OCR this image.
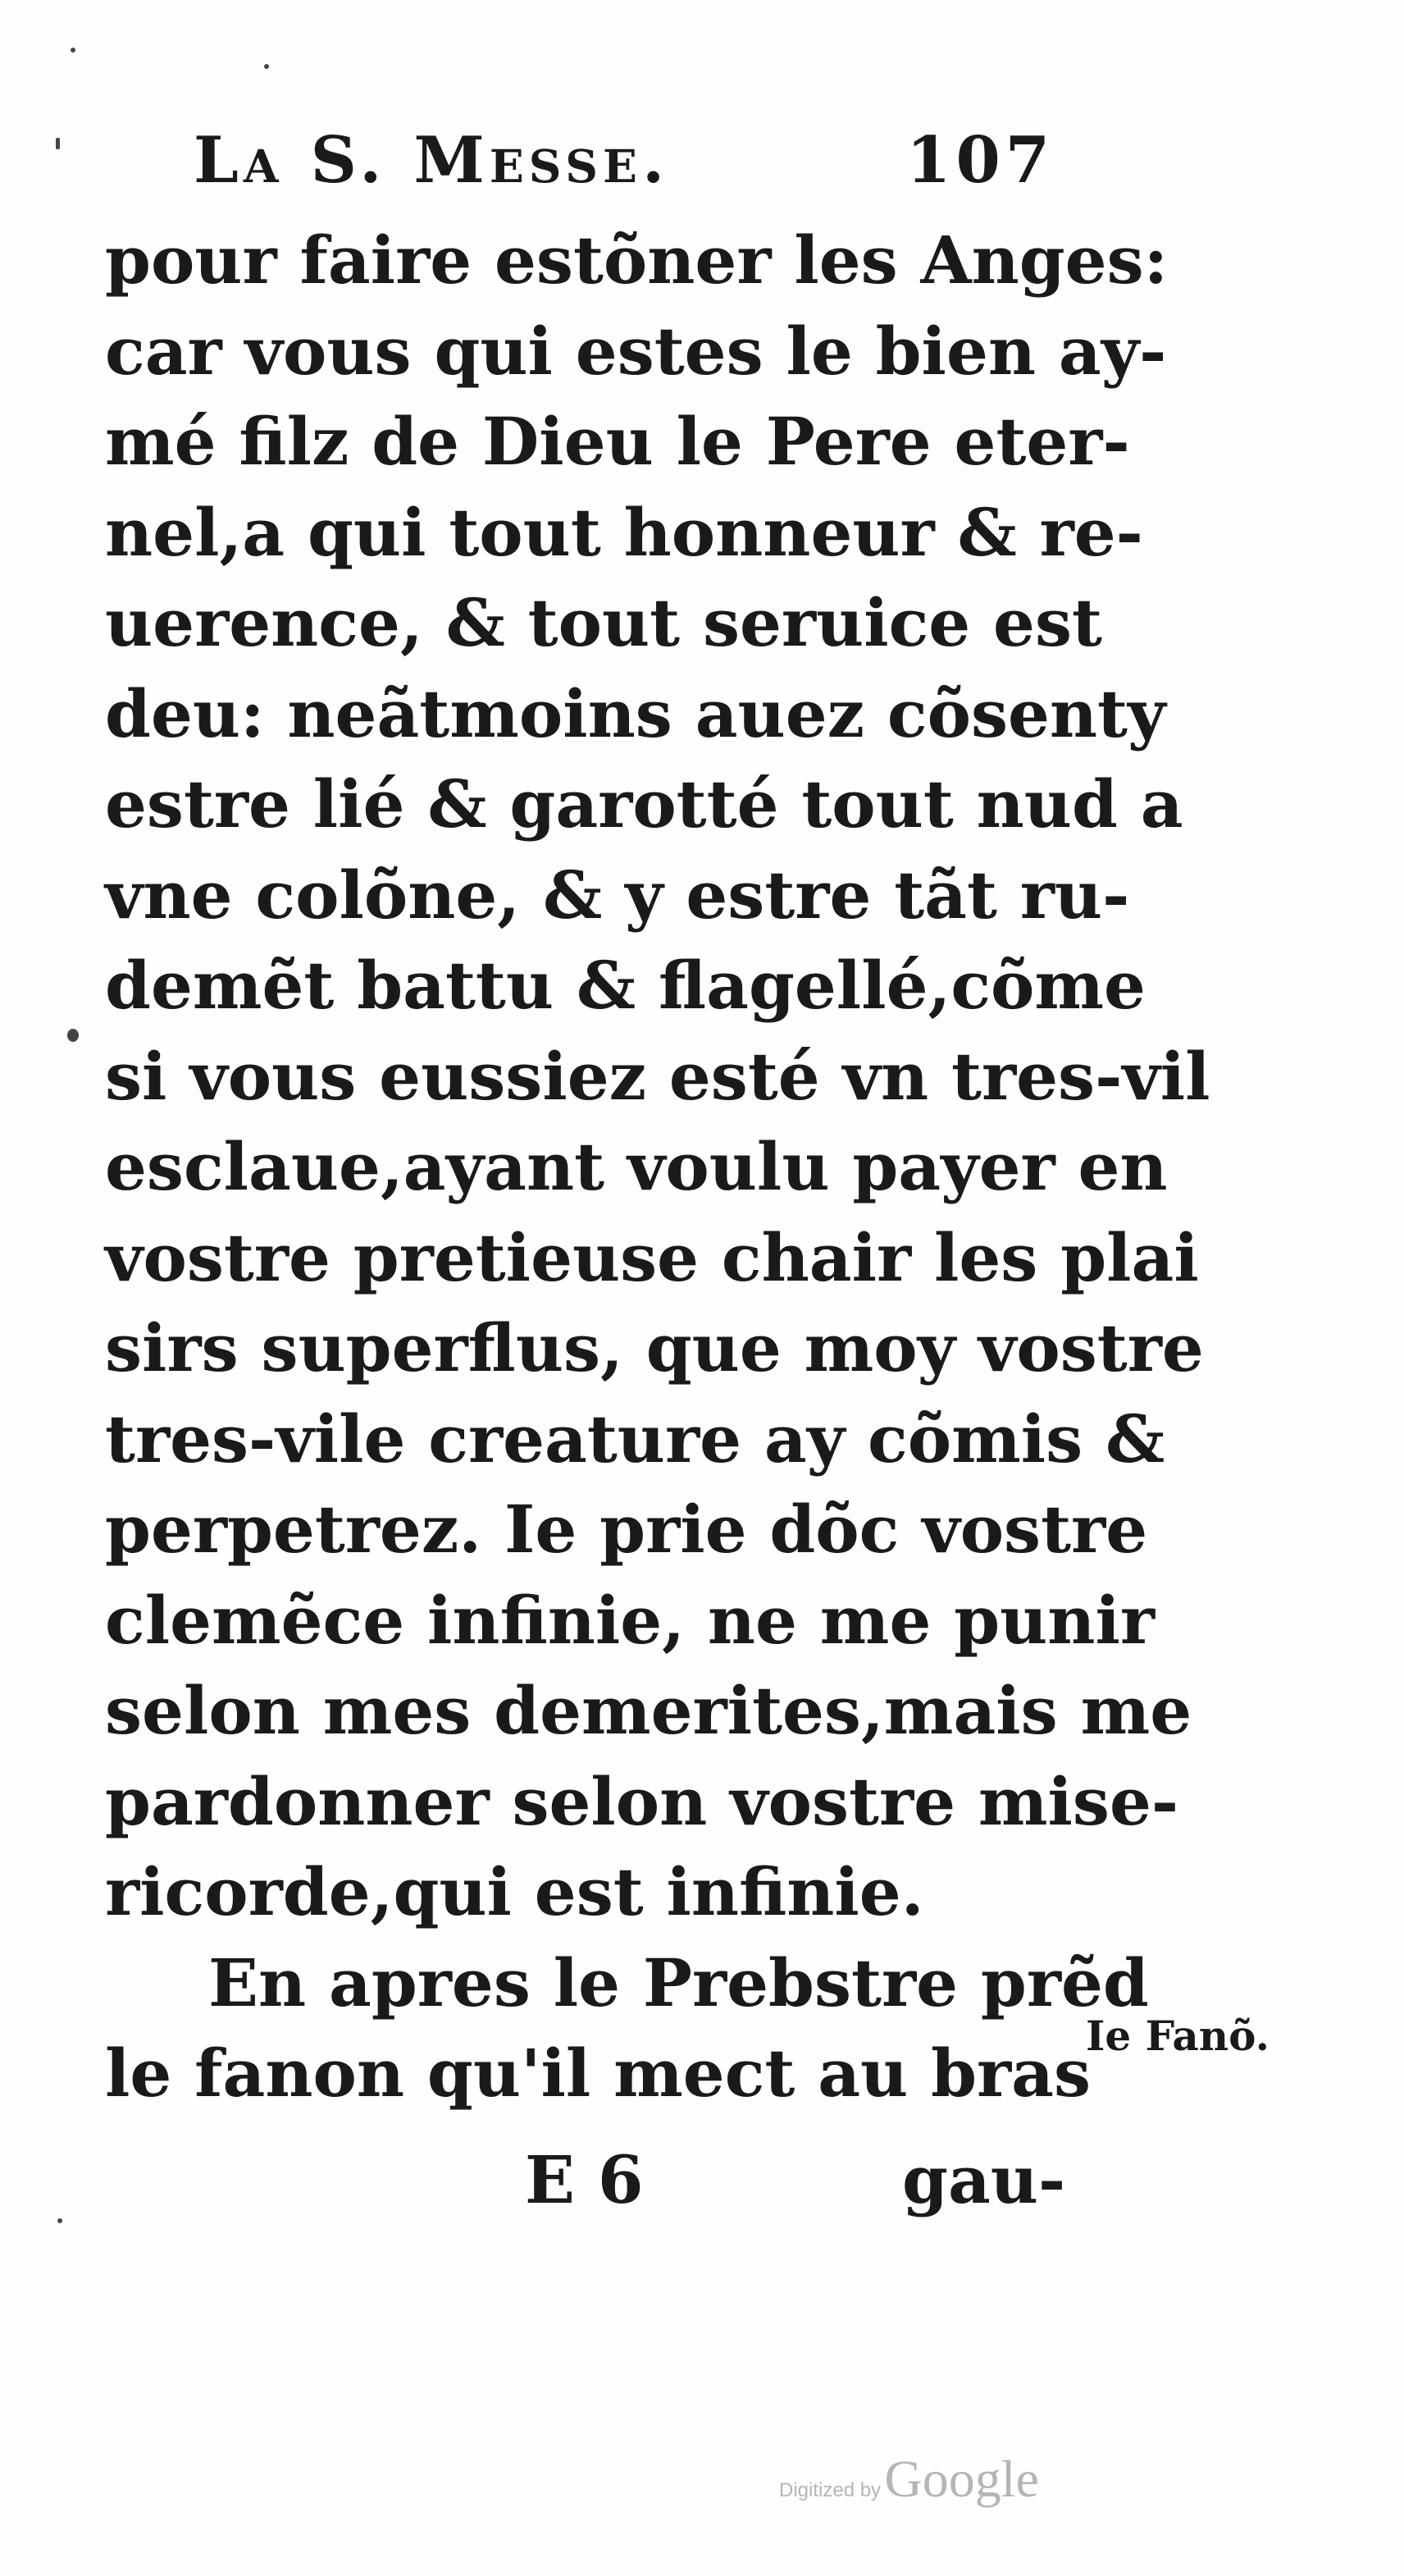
La S. Messe.	107
pour faire estõner les Anges:
car vous qui estes le bien ay-
mé filz de Dieu le Pere eter-
nel,a qui tout honneur & re-
uerence, & tout seruice est
deu: neãtmoins auez cõsenty
estre lié & garotté tout nud a
vne colõne, & y estre tãt ru-
demẽt battu & flagellé,cõme
si vous eussiez esté vn tres-vil
esclaue,ayant voulu payer en
vostre pretieuse chair les plai
sirs superflus, que moy vostre
tres-vile creature ay cõmis &
perpetrez. Ie prie dõc vostre
clemẽce infinie, ne me punir
selon mes demerites,mais me
pardonner selon vostre mise-
ricorde,qui est infinie.
En apres le Prebstre prẽd
le fanon qu'il mect au bras
Ie Fanõ.
E 6	gau-
Digitized by Google
